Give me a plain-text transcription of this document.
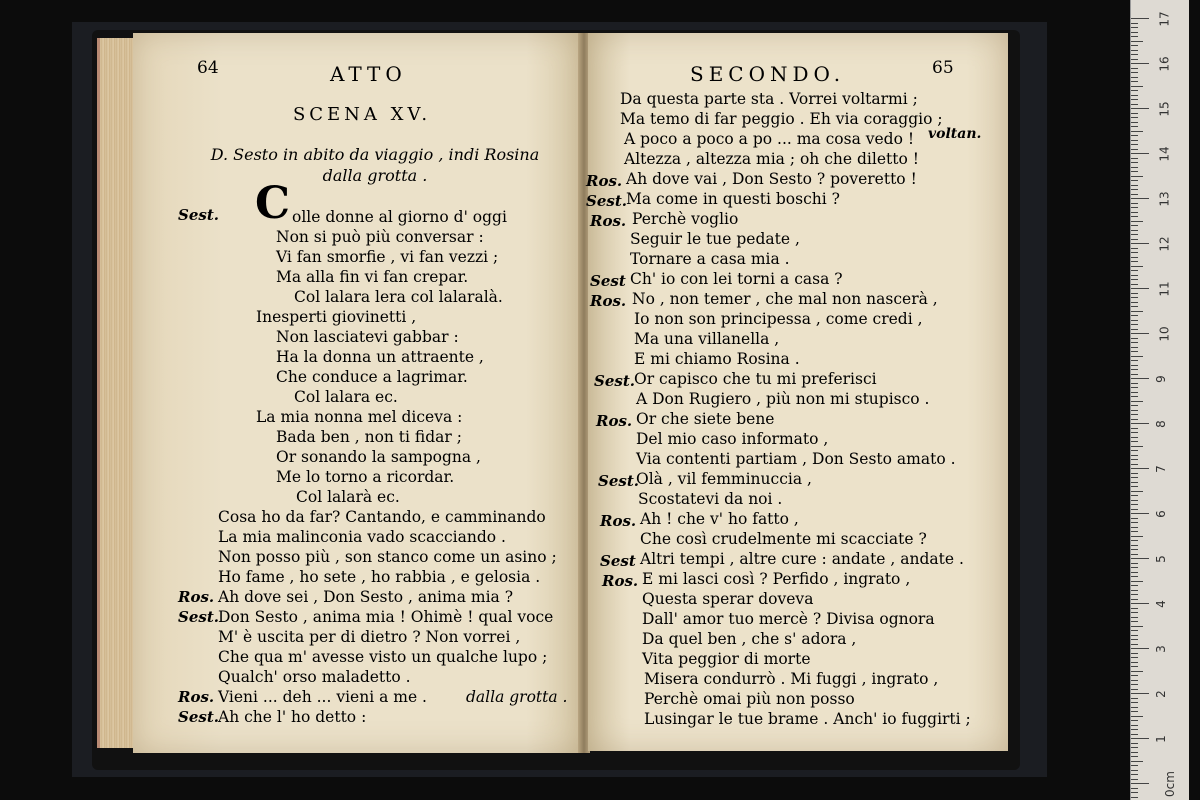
64	ATTO
SCENA XV.
D. Sesto in abito da viaggio , indi Rosina
dalla grotta .
Sest. C olle donne al giorno d' oggi
Non si può più conversar :
Vi fan smorfie , vi fan vezzi ;
Ma alla fin vi fan crepar.
Col lalara lera col lalaralà.
Inesperti giovinetti ,
Non lasciatevi gabbar :
Ha la donna un attraente ,
Che conduce a lagrimar.
Col lalara ec.
La mia nonna mel diceva :
Bada ben , non ti fidar ;
Or sonando la sampogna ,
Me lo torno a ricordar.
Col lalarà ec.
Cosa ho da far? Cantando, e camminando
La mia malinconia vado scacciando .
Non posso più , son stanco come un asino ;
Ho fame , ho sete , ho rabbia , e gelosia .
Ros. Ah dove sei , Don Sesto , anima mia ?
Sest. Don Sesto , anima mia ! Ohimè ! qual voce
M' è uscita per di dietro ? Non vorrei ,
Che qua m' avesse visto un qualche lupo ;
Qualch' orso maladetto .
Ros. Vieni ... deh ... vieni a me .	dalla grotta .
Sest. Ah che l' ho detto :
SECONDO.	65
Da questa parte sta . Vorrei voltarmi ;
Ma temo di far peggio . Eh via coraggio ;
A poco a poco a po ... ma cosa vedo ! voltan.
Altezza , altezza mia ; oh che diletto !
Ros. Ah dove vai , Don Sesto ? poveretto !
Sest. Ma come in questi boschi ?
Ros. Perchè voglio
Seguir le tue pedate ,
Tornare a casa mia .
Sest Ch' io con lei torni a casa ?
Ros. No , non temer , che mal non nascerà ,
Io non son principessa , come credi ,
Ma una villanella ,
E mi chiamo Rosina .
Sest. Or capisco che tu mi preferisci
A Don Rugiero , più non mi stupisco .
Ros. Or che siete bene
Del mio caso informato ,
Via contenti partiam , Don Sesto amato .
Sest.
Olà , vil femminuccia ,
Scostatevi da noi .
Ros. Ah ! che v' ho fatto ,
Che così crudelmente mi scacciate ?
Sest Altri tempi , altre cure : andate , andate .
Ros. E mi lasci così ? Perfido , ingrato ,
Questa sperar doveva
Dall' amor tuo mercè ? Divisa ognora
Da quel ben , che s' adora ,
Vita peggior di morte
Misera condurrò . Mi fuggi , ingrato ,
Perchè omai più non posso
Lusingar le tue brame . Anch' io fuggirti ;
17
16
15
14
13
12
11
10
9
8
7
6
5
4
3
2
1
0cm
